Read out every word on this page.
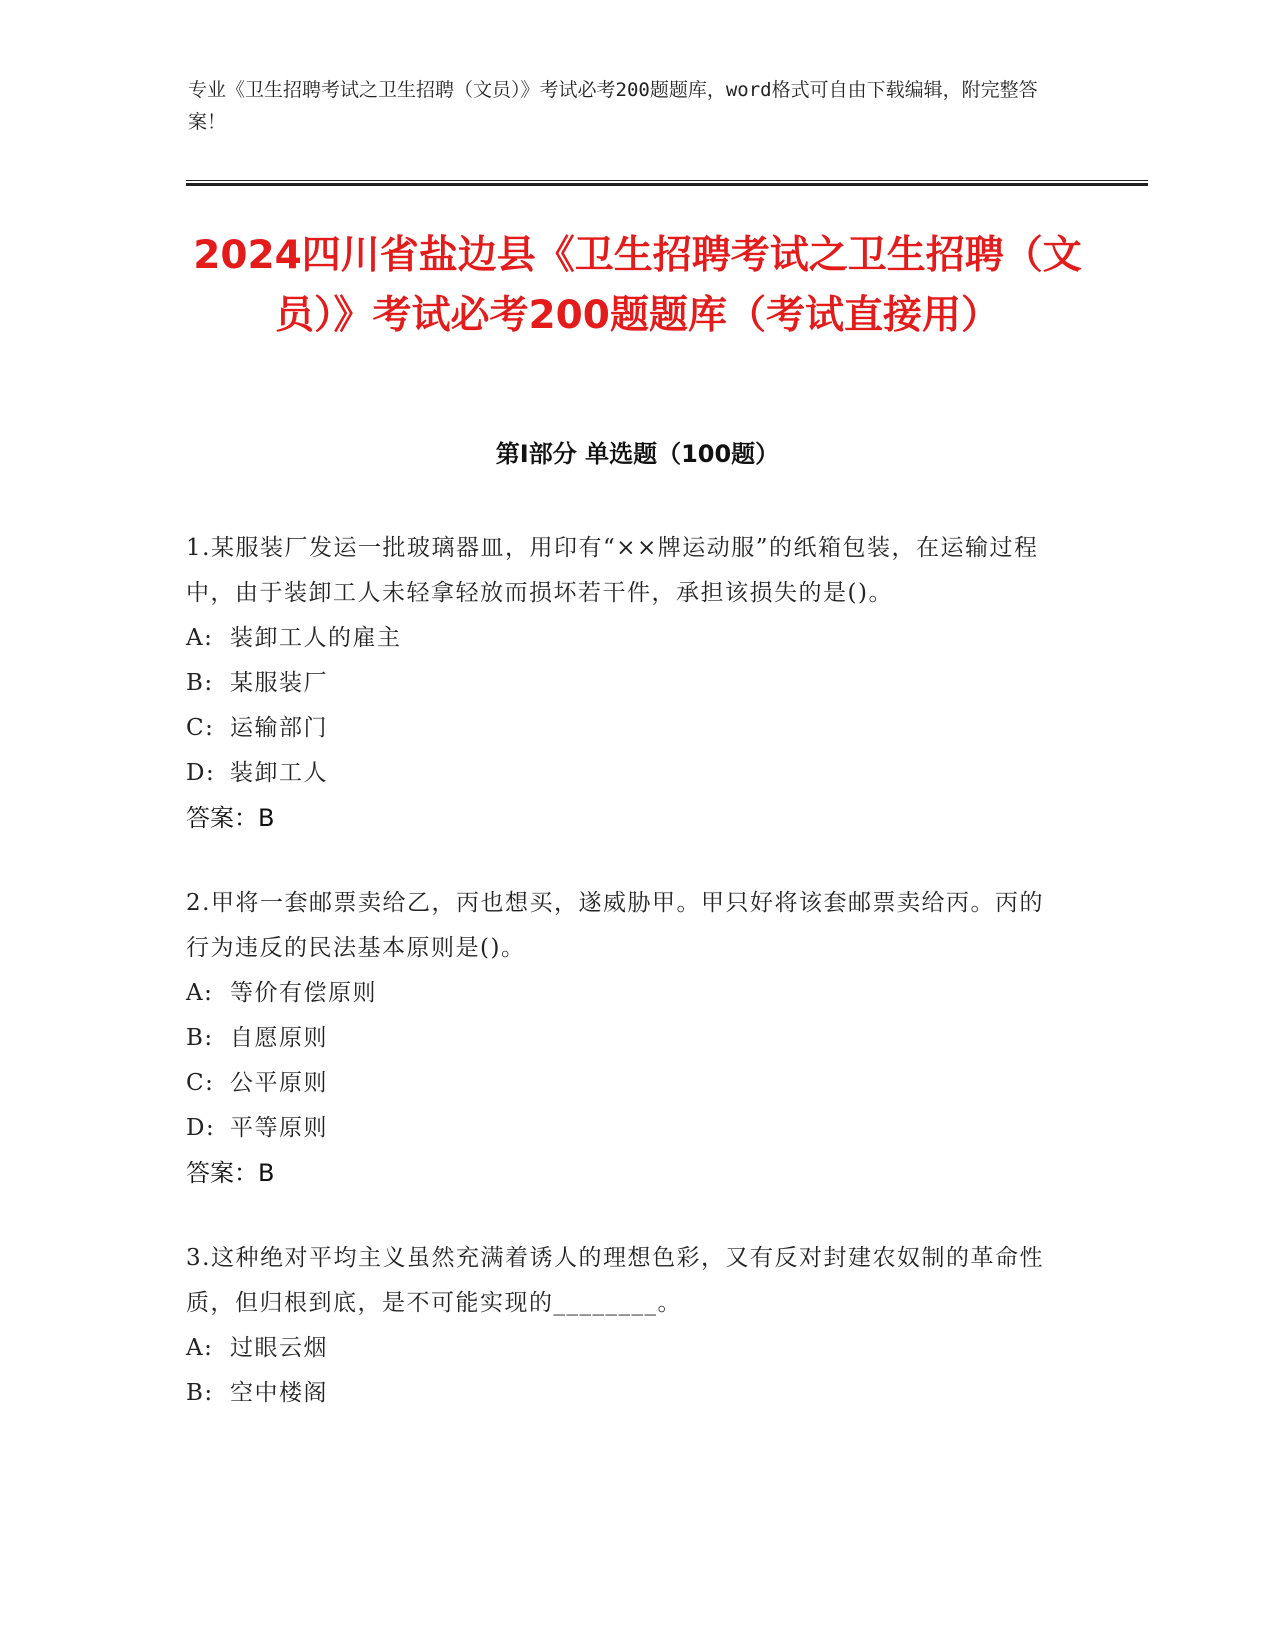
专业《卫生招聘考试之卫生招聘（文员）》考试必考200题题库，word格式可自由下载编辑，附完整答案！

2024四川省盐边县《卫生招聘考试之卫生招聘（文员）》考试必考200题题库（考试直接用）
第I部分 单选题（100题）

1.某服装厂发运一批玻璃器皿，用印有“××牌运动服”的纸箱包装，在运输过程中，由于装卸工人未轻拿轻放而损坏若干件，承担该损失的是()。

A: 装卸工人的雇主

B: 某服装厂

C: 运输部门

D: 装卸工人

答案：B

2.甲将一套邮票卖给乙，丙也想买，遂威胁甲。甲只好将该套邮票卖给丙。丙的行为违反的民法基本原则是()。

A: 等价有偿原则

B: 自愿原则

C: 公平原则

D: 平等原则

答案：B

3.这种绝对平均主义虽然充满着诱人的理想色彩，又有反对封建农奴制的革命性质，但归根到底，是不可能实现的________。

A: 过眼云烟

B: 空中楼阁
